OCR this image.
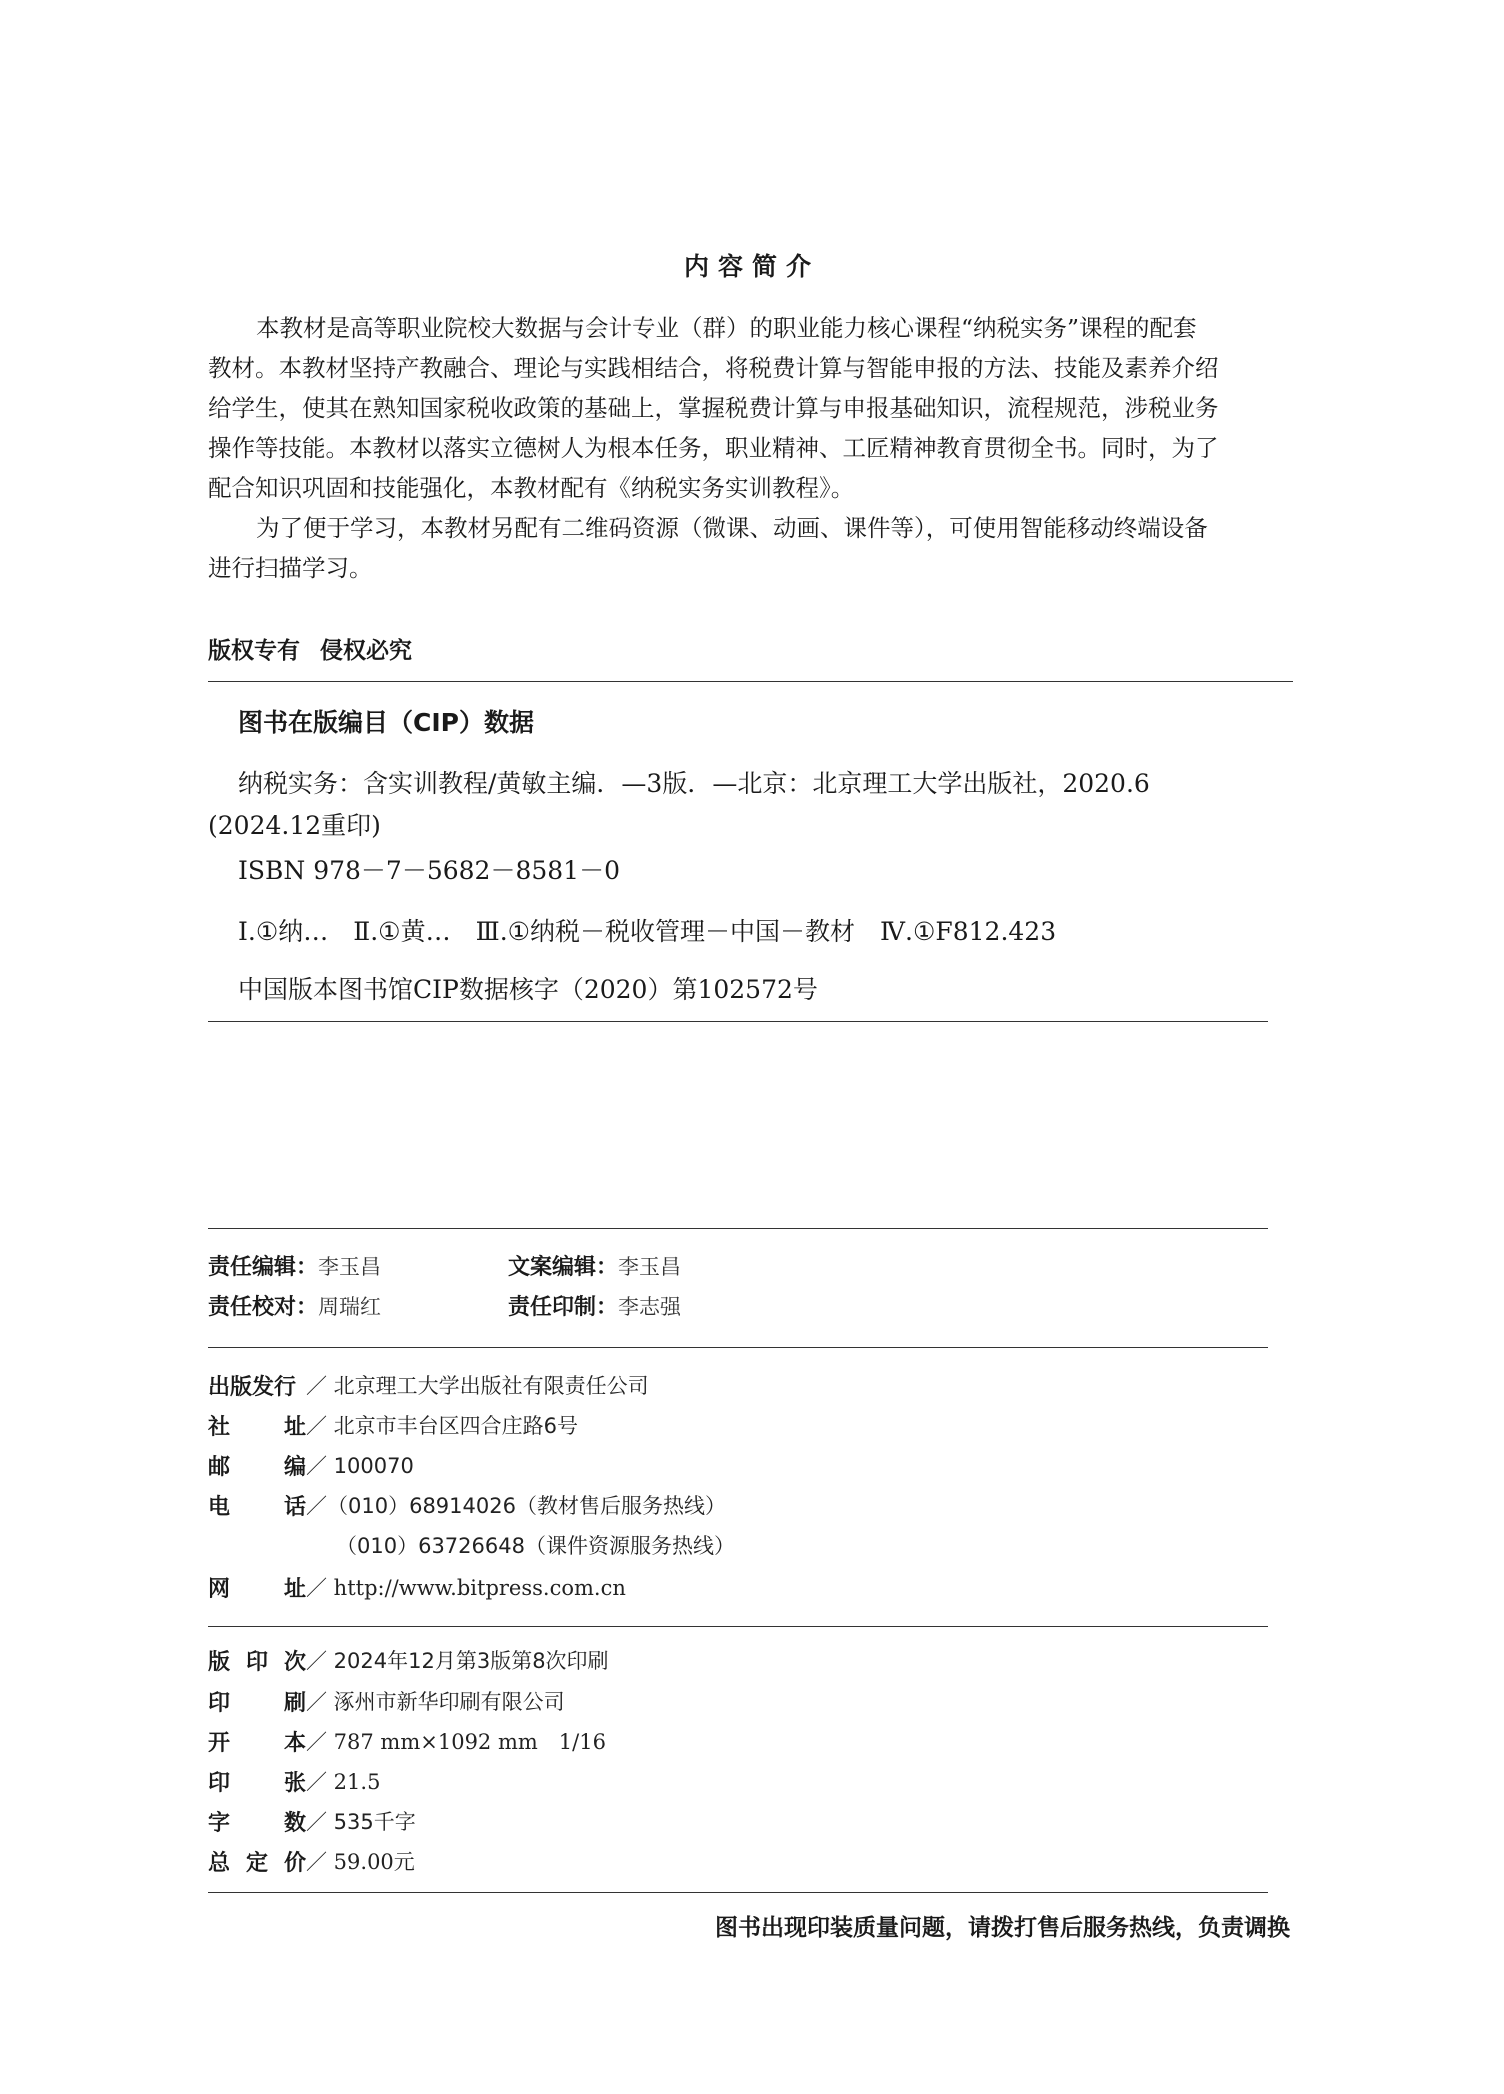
内容简介
本教材是高等职业院校大数据与会计专业（群）的职业能力核心课程“纳税实务”课程的配套
教材。本教材坚持产教融合、理论与实践相结合，将税费计算与智能申报的方法、技能及素养介绍
给学生，使其在熟知国家税收政策的基础上，掌握税费计算与申报基础知识，流程规范，涉税业务
操作等技能。本教材以落实立德树人为根本任务，职业精神、工匠精神教育贯彻全书。同时，为了
配合知识巩固和技能强化，本教材配有《纳税实务实训教程》。
为了便于学习，本教材另配有二维码资源（微课、动画、课件等），可使用智能移动终端设备
进行扫描学习。
版权专有 侵权必究
图书在版编目（CIP）数据
纳税实务：含实训教程/黄敏主编．—3版．—北京：北京理工大学出版社，2020.6
(2024.12重印)
ISBN 978－7－5682－8581－0
Ⅰ.①纳…　Ⅱ.①黄…　Ⅲ.①纳税－税收管理－中国－教材　Ⅳ.①F812.423
中国版本图书馆CIP数据核字（2020）第102572号
责任编辑：李玉昌	文案编辑：李玉昌
责任校对：周瑞红	责任印制：李志强
出版发行 ／ 北京理工大学出版社有限责任公司
社 址 ／ 北京市丰台区四合庄路6号
邮 编 ／ 100070
电 话 ／（010）68914026（教材售后服务热线）
（010）63726648（课件资源服务热线）
网 址 ／ http://www.bitpress.com.cn
版 印 次 ／ 2024年12月第3版第8次印刷
印 刷 ／ 涿州市新华印刷有限公司
开 本 ／ 787 mm×1092 mm　1/16
印 张 ／ 21.5
字 数 ／ 535千字
总 定 价 ／ 59.00元
图书出现印装质量问题，请拨打售后服务热线，负责调换
